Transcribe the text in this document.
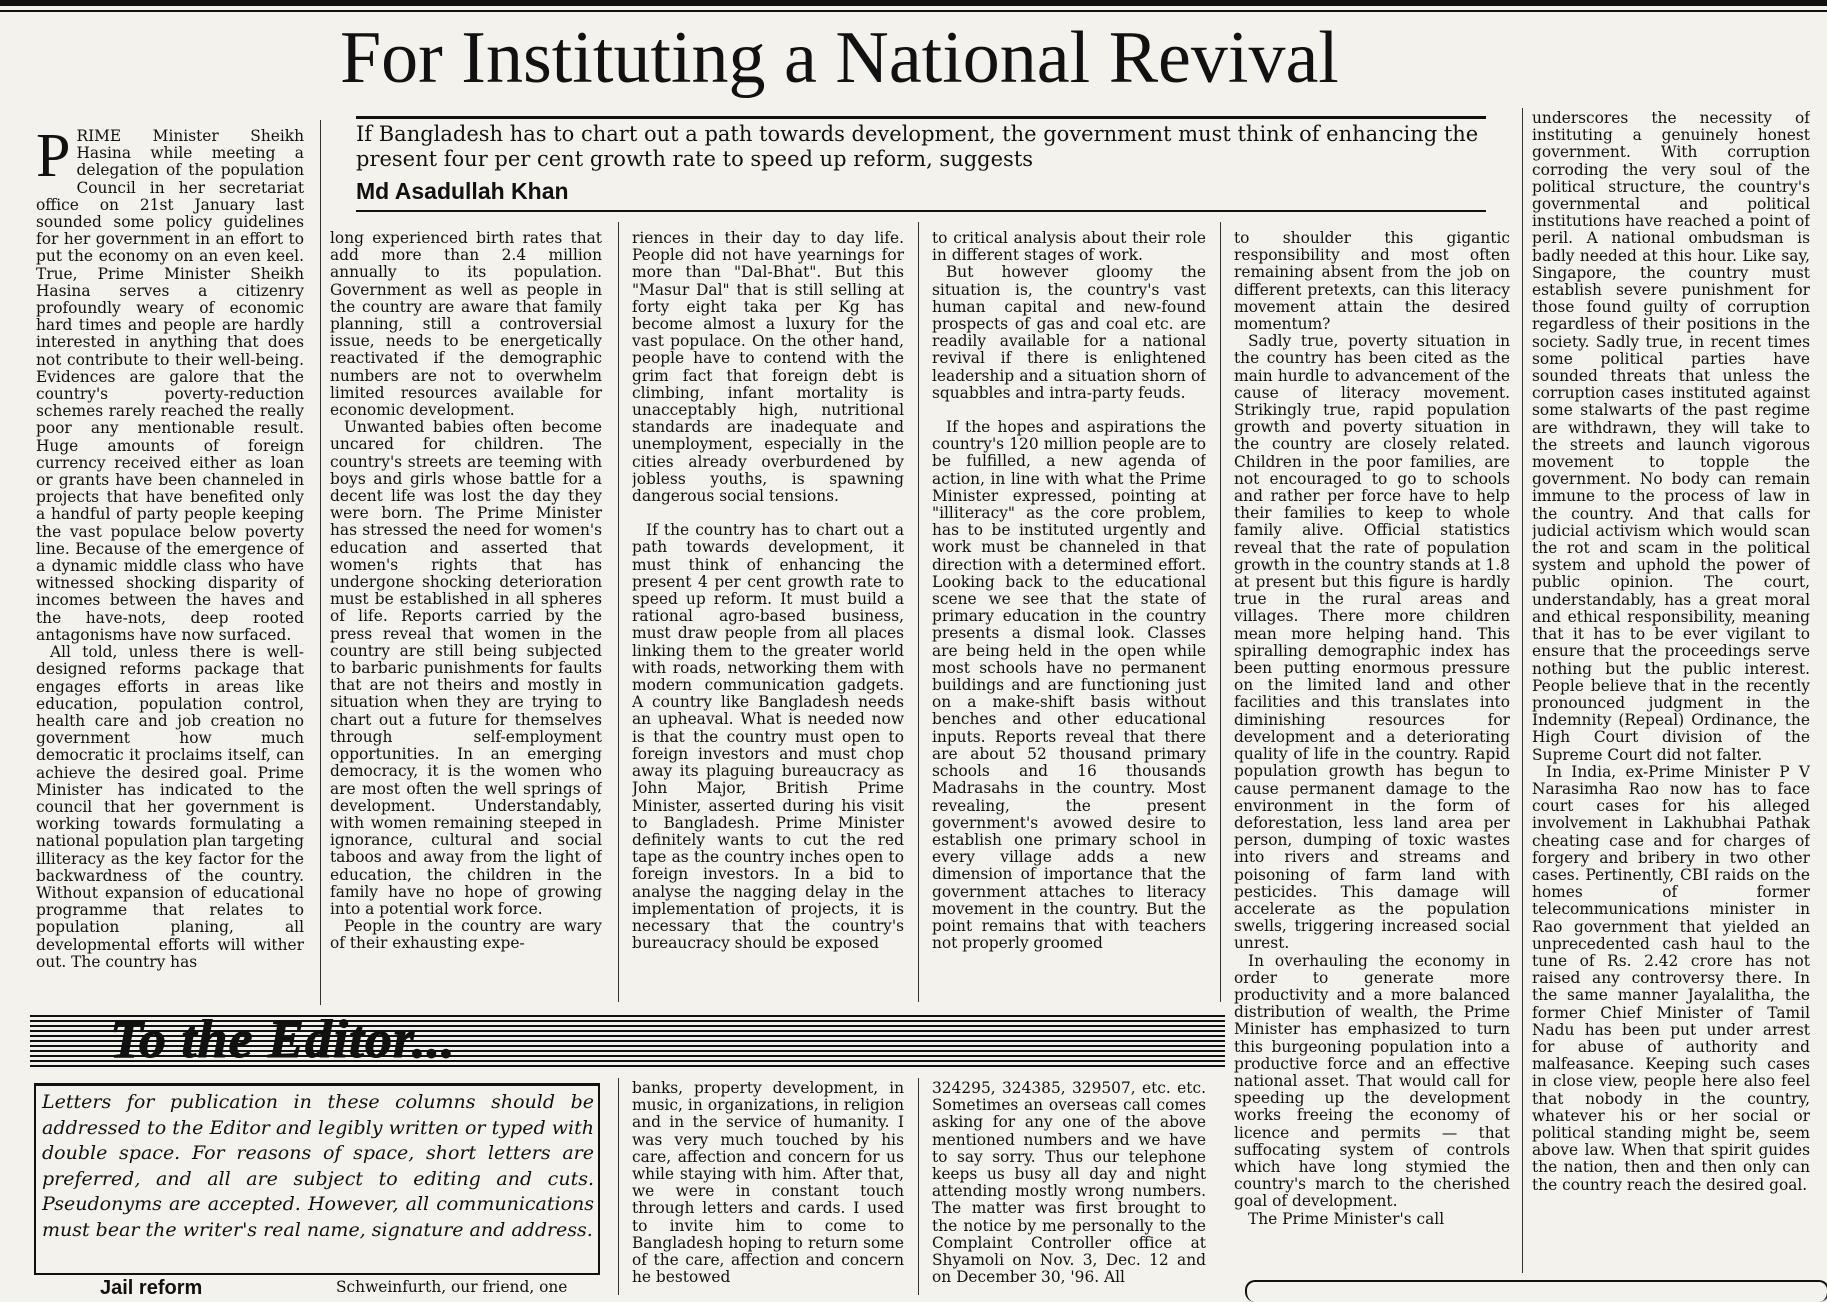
For Instituting a National Revival
If Bangladesh has to chart out a path towards development, the government must think of enhancing the present four per cent growth rate to speed up reform, suggests
Md Asadullah Khan

PRIME Minister Sheikh Hasina while meeting a delegation of the population Council in her secretariat office on 21st January last sounded some policy guidelines for her government in an effort to put the economy on an even keel. True, Prime Minister Sheikh Hasina serves a citizenry profoundly weary of economic hard times and people are hardly interested in anything that does not contribute to their well-being. Evidences are galore that the country's poverty-reduction schemes rarely reached the really poor any mentionable result. Huge amounts of foreign currency received either as loan or grants have been channeled in projects that have benefited only a handful of party people keeping the vast populace below poverty line. Because of the emergence of a dynamic middle class who have witnessed shocking disparity of incomes between the haves and the have-nots, deep rooted antagonisms have now surfaced.

All told, unless there is well-designed reforms package that engages efforts in areas like education, population control, health care and job creation no government how much democratic it proclaims itself, can achieve the desired goal. Prime Minister has indicated to the council that her government is working towards formulating a national population plan targeting illiteracy as the key factor for the backwardness of the country. Without expansion of educational programme that relates to population planing, all developmental efforts will wither out. The country has

long experienced birth rates that add more than 2.4 million annually to its population. Government as well as people in the country are aware that family planning, still a controversial issue, needs to be energetically reactivated if the demographic numbers are not to overwhelm limited resources available for economic development.

Unwanted babies often become uncared for children. The country's streets are teeming with boys and girls whose battle for a decent life was lost the day they were born. The Prime Minister has stressed the need for women's education and asserted that women's rights that has undergone shocking deterioration must be established in all spheres of life. Reports carried by the press reveal that women in the country are still being subjected to barbaric punishments for faults that are not theirs and mostly in situation when they are trying to chart out a future for themselves through self-employment opportunities. In an emerging democracy, it is the women who are most often the well springs of development. Understandably, with women remaining steeped in ignorance, cultural and social taboos and away from the light of education, the children in the family have no hope of growing into a potential work force.

People in the country are wary of their exhausting expe-

riences in their day to day life. People did not have yearnings for more than "Dal-Bhat". But this "Masur Dal" that is still selling at forty eight taka per Kg has become almost a luxury for the vast populace. On the other hand, people have to contend with the grim fact that foreign debt is climbing, infant mortality is unacceptably high, nutritional standards are inadequate and unemployment, especially in the cities already overburdened by jobless youths, is spawning dangerous social tensions.

If the country has to chart out a path towards development, it must think of enhancing the present 4 per cent growth rate to speed up reform. It must build a rational agro-based business, must draw people from all places linking them to the greater world with roads, networking them with modern communication gadgets. A country like Bangladesh needs an upheaval. What is needed now is that the country must open to foreign investors and must chop away its plaguing bureaucracy as John Major, British Prime Minister, asserted during his visit to Bangladesh. Prime Minister definitely wants to cut the red tape as the country inches open to foreign investors. In a bid to analyse the nagging delay in the implementation of projects, it is necessary that the country's bureaucracy should be exposed

to critical analysis about their role in different stages of work.

But however gloomy the situation is, the country's vast human capital and new-found prospects of gas and coal etc. are readily available for a national revival if there is enlightened leadership and a situation shorn of squabbles and intra-party feuds.

If the hopes and aspirations the country's 120 million people are to be fulfilled, a new agenda of action, in line with what the Prime Minister expressed, pointing at "illiteracy" as the core problem, has to be instituted urgently and work must be channeled in that direction with a determined effort. Looking back to the educational scene we see that the state of primary education in the country presents a dismal look. Classes are being held in the open while most schools have no permanent buildings and are functioning just on a make-shift basis without benches and other educational inputs. Reports reveal that there are about 52 thousand primary schools and 16 thousands Madrasahs in the country. Most revealing, the present government's avowed desire to establish one primary school in every village adds a new dimension of importance that the government attaches to literacy movement in the country. But the point remains that with teachers not properly groomed

to shoulder this gigantic responsibility and most often remaining absent from the job on different pretexts, can this literacy movement attain the desired momentum?

Sadly true, poverty situation in the country has been cited as the main hurdle to advancement of the cause of literacy movement. Strikingly true, rapid population growth and poverty situation in the country are closely related. Children in the poor families, are not encouraged to go to schools and rather per force have to help their families to keep to whole family alive. Official statistics reveal that the rate of population growth in the country stands at 1.8 at present but this figure is hardly true in the rural areas and villages. There more children mean more helping hand. This spiralling demographic index has been putting enormous pressure on the limited land and other facilities and this translates into diminishing resources for development and a deteriorating quality of life in the country. Rapid population growth has begun to cause permanent damage to the environment in the form of deforestation, less land area per person, dumping of toxic wastes into rivers and streams and poisoning of farm land with pesticides. This damage will accelerate as the population swells, triggering increased social unrest.

In overhauling the economy in order to generate more productivity and a more balanced distribution of wealth, the Prime Minister has emphasized to turn this burgeoning population into a productive force and an effective national asset. That would call for speeding up the development works freeing the economy of licence and permits — that suffocating system of controls which have long stymied the country's march to the cherished goal of development.

The Prime Minister's call

underscores the necessity of instituting a genuinely honest government. With corruption corroding the very soul of the political structure, the country's governmental and political institutions have reached a point of peril. A national ombudsman is badly needed at this hour. Like say, Singapore, the country must establish severe punishment for those found guilty of corruption regardless of their positions in the society. Sadly true, in recent times some political parties have sounded threats that unless the corruption cases instituted against some stalwarts of the past regime are withdrawn, they will take to the streets and launch vigorous movement to topple the government. No body can remain immune to the process of law in the country. And that calls for judicial activism which would scan the rot and scam in the political system and uphold the power of public opinion. The court, understandably, has a great moral and ethical responsibility, meaning that it has to be ever vigilant to ensure that the proceedings serve nothing but the public interest. People believe that in the recently pronounced judgment in the Indemnity (Repeal) Ordinance, the High Court division of the Supreme Court did not falter.

In India, ex-Prime Minister P V Narasimha Rao now has to face court cases for his alleged involvement in Lakhubhai Pathak cheating case and for charges of forgery and bribery in two other cases. Pertinently, CBI raids on the homes of former telecommunications minister in Rao government that yielded an unprecedented cash haul to the tune of Rs. 2.42 crore has not raised any controversy there. In the same manner Jayalalitha, the former Chief Minister of Tamil Nadu has been put under arrest for abuse of authority and malfeasance. Keeping such cases in close view, people here also feel that nobody in the country, whatever his or her social or political standing might be, seem above law. When that spirit guides the nation, then and then only can the country reach the desired goal.

To the Editor...
Letters for publication in these columns should be addressed to the Editor and legibly written or typed with double space. For reasons of space, short letters are preferred, and all are subject to editing and cuts. Pseudonyms are accepted. However, all communications must bear the writer's real name, signature and address.
Jail reform	Schweinfurth, our friend, one

banks, property development, in music, in organizations, in religion and in the service of humanity. I was very much touched by his care, affection and concern for us while staying with him. After that, we were in constant touch through letters and cards. I used to invite him to come to Bangladesh hoping to return some of the care, affection and concern he bestowed

324295, 324385, 329507, etc. etc. Sometimes an overseas call comes asking for any one of the above mentioned numbers and we have to say sorry. Thus our telephone keeps us busy all day and night attending mostly wrong numbers. The matter was first brought to the notice by me personally to the Complaint Controller office at Shyamoli on Nov. 3, Dec. 12 and on December 30, '96. All
